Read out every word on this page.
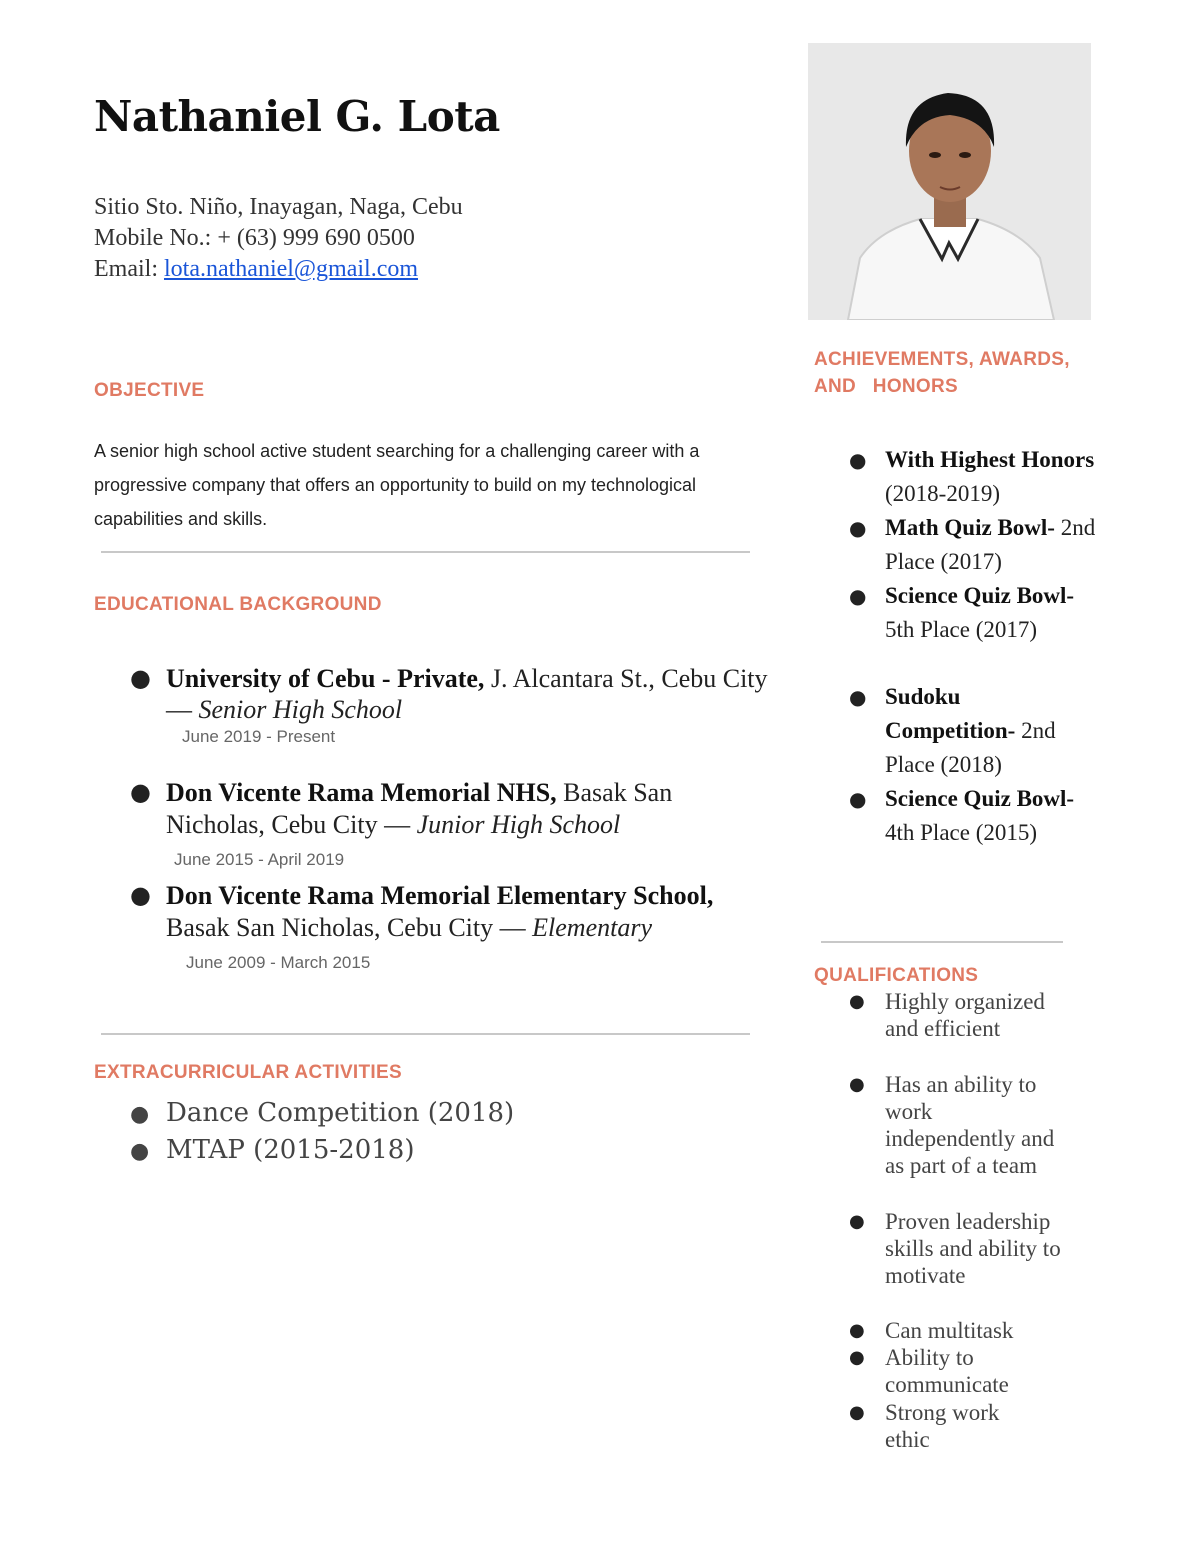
Nathaniel G. Lota
Sitio Sto. Niño, Inayagan, Naga, Cebu
Mobile No.: + (63) 999 690 0500
Email: lota.nathaniel@gmail.com
OBJECTIVE
A senior high school active student searching for a challenging career with a progressive company that offers an opportunity to build on my technological capabilities and skills.
EDUCATIONAL BACKGROUND
● University of Cebu - Private, J. Alcantara St., Cebu City — Senior High School
June 2019 - Present
● Don Vicente Rama Memorial NHS, Basak San Nicholas, Cebu City — Junior High School
June 2015 - April 2019
● Don Vicente Rama Memorial Elementary School, Basak San Nicholas, Cebu City — Elementary
June 2009 - March 2015
EXTRACURRICULAR ACTIVITIES
● Dance Competition (2018)
● MTAP (2015-2018)
ACHIEVEMENTS, AWARDS,
AND   HONORS
● With Highest Honors (2018-2019)
● Math Quiz Bowl- 2nd Place (2017)
● Science Quiz Bowl- 5th Place (2017)
● Sudoku Competition- 2nd Place (2018)
● Science Quiz Bowl- 4th Place (2015)
QUALIFICATIONS
● Highly organized and efficient
● Has an ability to work independently and as part of a team
● Proven leadership skills and ability to motivate
● Can multitask
● Ability to communicate
● Strong work ethic
